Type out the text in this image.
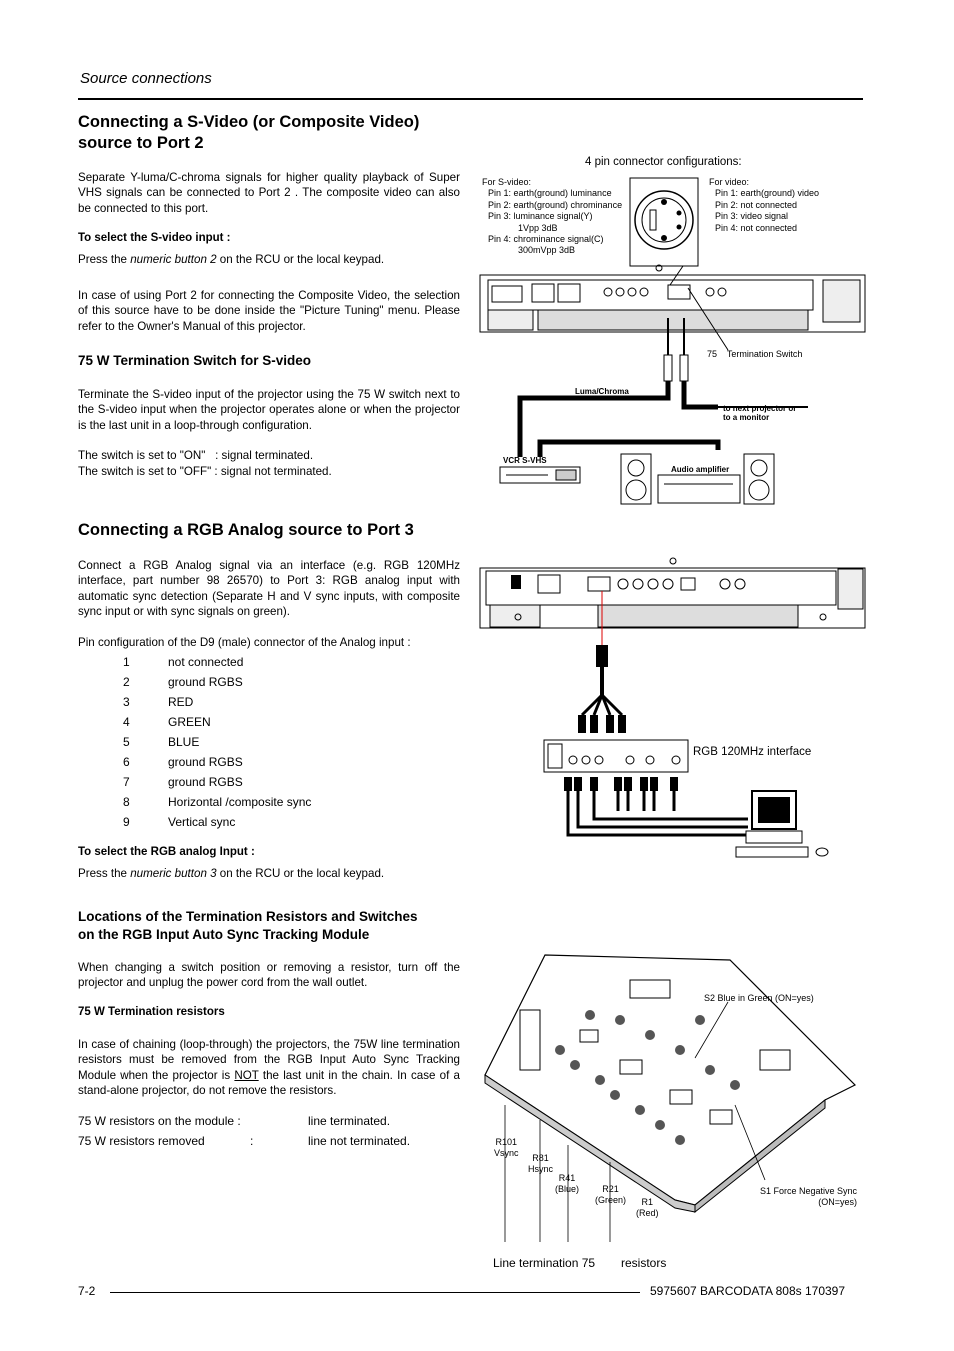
Source connections
Connecting a S-Video (or Composite Video)
source to Port 2
Separate Y-luma/C-chroma signals for higher quality playback of Super VHS signals can be connected to Port 2 . The composite video can also be connected to this port.
To select the S-video input :
Press the numeric button 2 on the RCU or the local keypad.
In case of using Port 2 for connecting the Composite Video, the selection of this source have to be done inside the "Picture Tuning" menu. Please refer to the Owner's Manual of this projector.
75 W Termination Switch for S-video
Terminate the S-video input of the projector using the 75 W switch next to the S-video input when the projector operates alone or when the projector is the last unit in a loop-through configuration.
The switch is set to "ON"   : signal terminated.
The switch is set to "OFF" : signal not terminated.
4 pin connector configurations:
For S-video:
Pin 1: earth(ground) luminance
Pin 2: earth(ground) chrominance
Pin 3: luminance signal(Y)
1Vpp 3dB
Pin 4: chrominance signal(C)
300mVpp 3dB
For video:
Pin 1: earth(ground) video
Pin 2: not connected
Pin 3: video signal
Pin 4: not connected
75    Termination Switch
Luma/Chroma
to next projector or
to a monitor
VCR S-VHS
Audio amplifier
Connecting a RGB Analog source to Port 3
Connect a RGB Analog signal via an interface (e.g. RGB 120MHz interface, part number 98 26570) to Port 3: RGB analog input with automatic sync detection (Separate H and V sync inputs, with composite sync input or with sync signals on green).
Pin configuration of the D9 (male) connector of the Analog input :
1	not connected
2	ground RGBS
3	RED
4	GREEN
5	BLUE
6	ground RGBS
7	ground RGBS
8	Horizontal /composite sync
9	Vertical sync
To select the RGB analog Input :
Press the numeric button 3 on the RCU or the local keypad.
RGB 120MHz interface
Locations of the Termination Resistors and Switches
on the RGB Input Auto Sync Tracking Module
When changing a switch position or removing a resistor, turn off the projector and unplug the power cord from the wall outlet.
75 W Termination resistors
In case of chaining (loop-through) the projectors, the 75W line termination resistors must be removed from the RGB Input Auto Sync Tracking Module when the projector is NOT the last unit in the chain. In case of a stand-alone projector, do not remove the resistors.
75 W resistors on the module :	line terminated.
75 W resistors removed	:	line not terminated.
S2 Blue in Green (ON=yes)
R101
Vsync	R81
Hsync
R41
(Blue)	R21
(Green)	R1
(Red)
S1 Force Negative Sync
(ON=yes)
Line termination 75 resistors
7-2	5975607 BARCODATA 808s 170397
